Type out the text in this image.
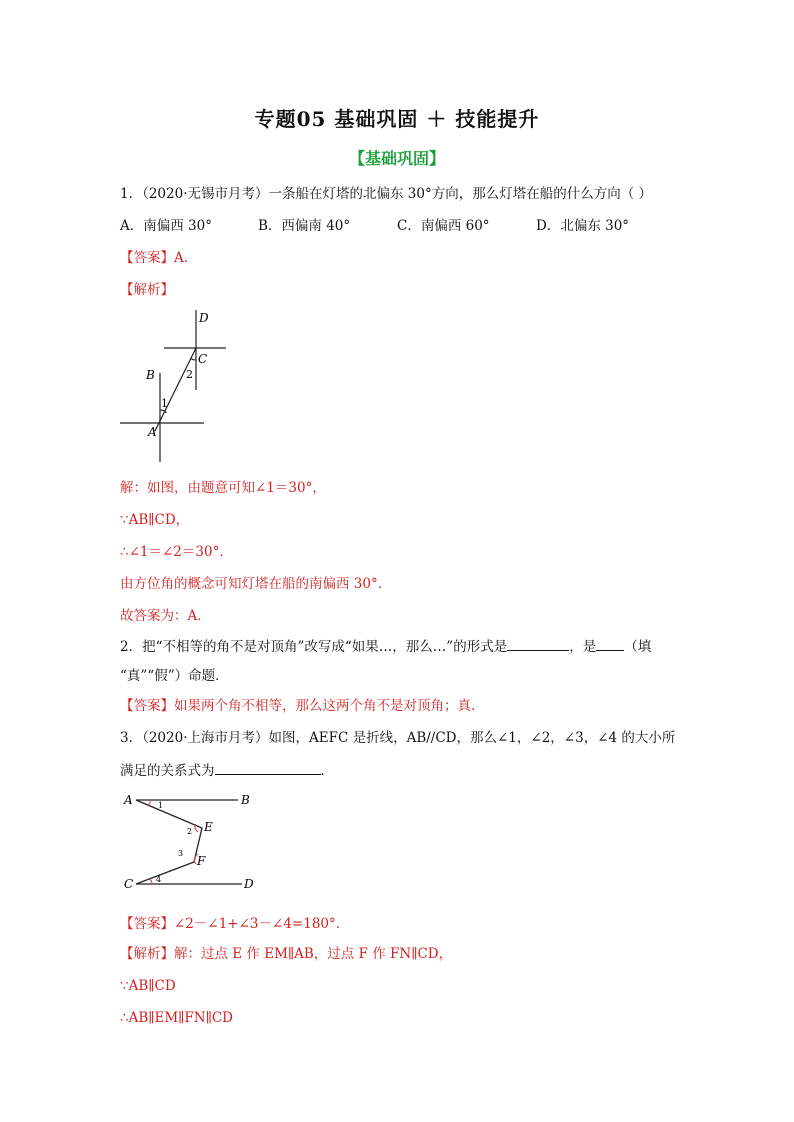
专题05 基础巩固 ＋ 技能提升
【基础巩固】
1．（2020·无锡市月考）一条船在灯塔的北偏东 30°方向，那么灯塔在船的什么方向（ ）
A．南偏西 30°	B．西偏南 40°	C．南偏西 60°	D．北偏东 30°
【答案】A.
【解析】
D
C
B	2
1
A
解：如图，由题意可知∠1＝30°，
∵AB∥CD，
∴∠1＝∠2＝30°．
由方位角的概念可知灯塔在船的南偏西 30°．
故答案为：A．
2．把“不相等的角不是对顶角”改写成“如果…，那么…”的形式是	，是 （填
“真”“假”）命题．
【答案】如果两个角不相等，那么这两个角不是对顶角；真.
3．（2020·上海市月考）如图，AEFC 是折线，AB//CD，那么∠1，∠2，∠3，∠4 的大小所
满足的关系式为	．
A	B
1
E
2
3
F
4
C	D
【答案】∠2－∠1+∠3－∠4=180°.
【解析】解：过点 E 作 EM∥AB，过点 F 作 FN∥CD，
∵AB∥CD
∴AB∥EM∥FN∥CD
